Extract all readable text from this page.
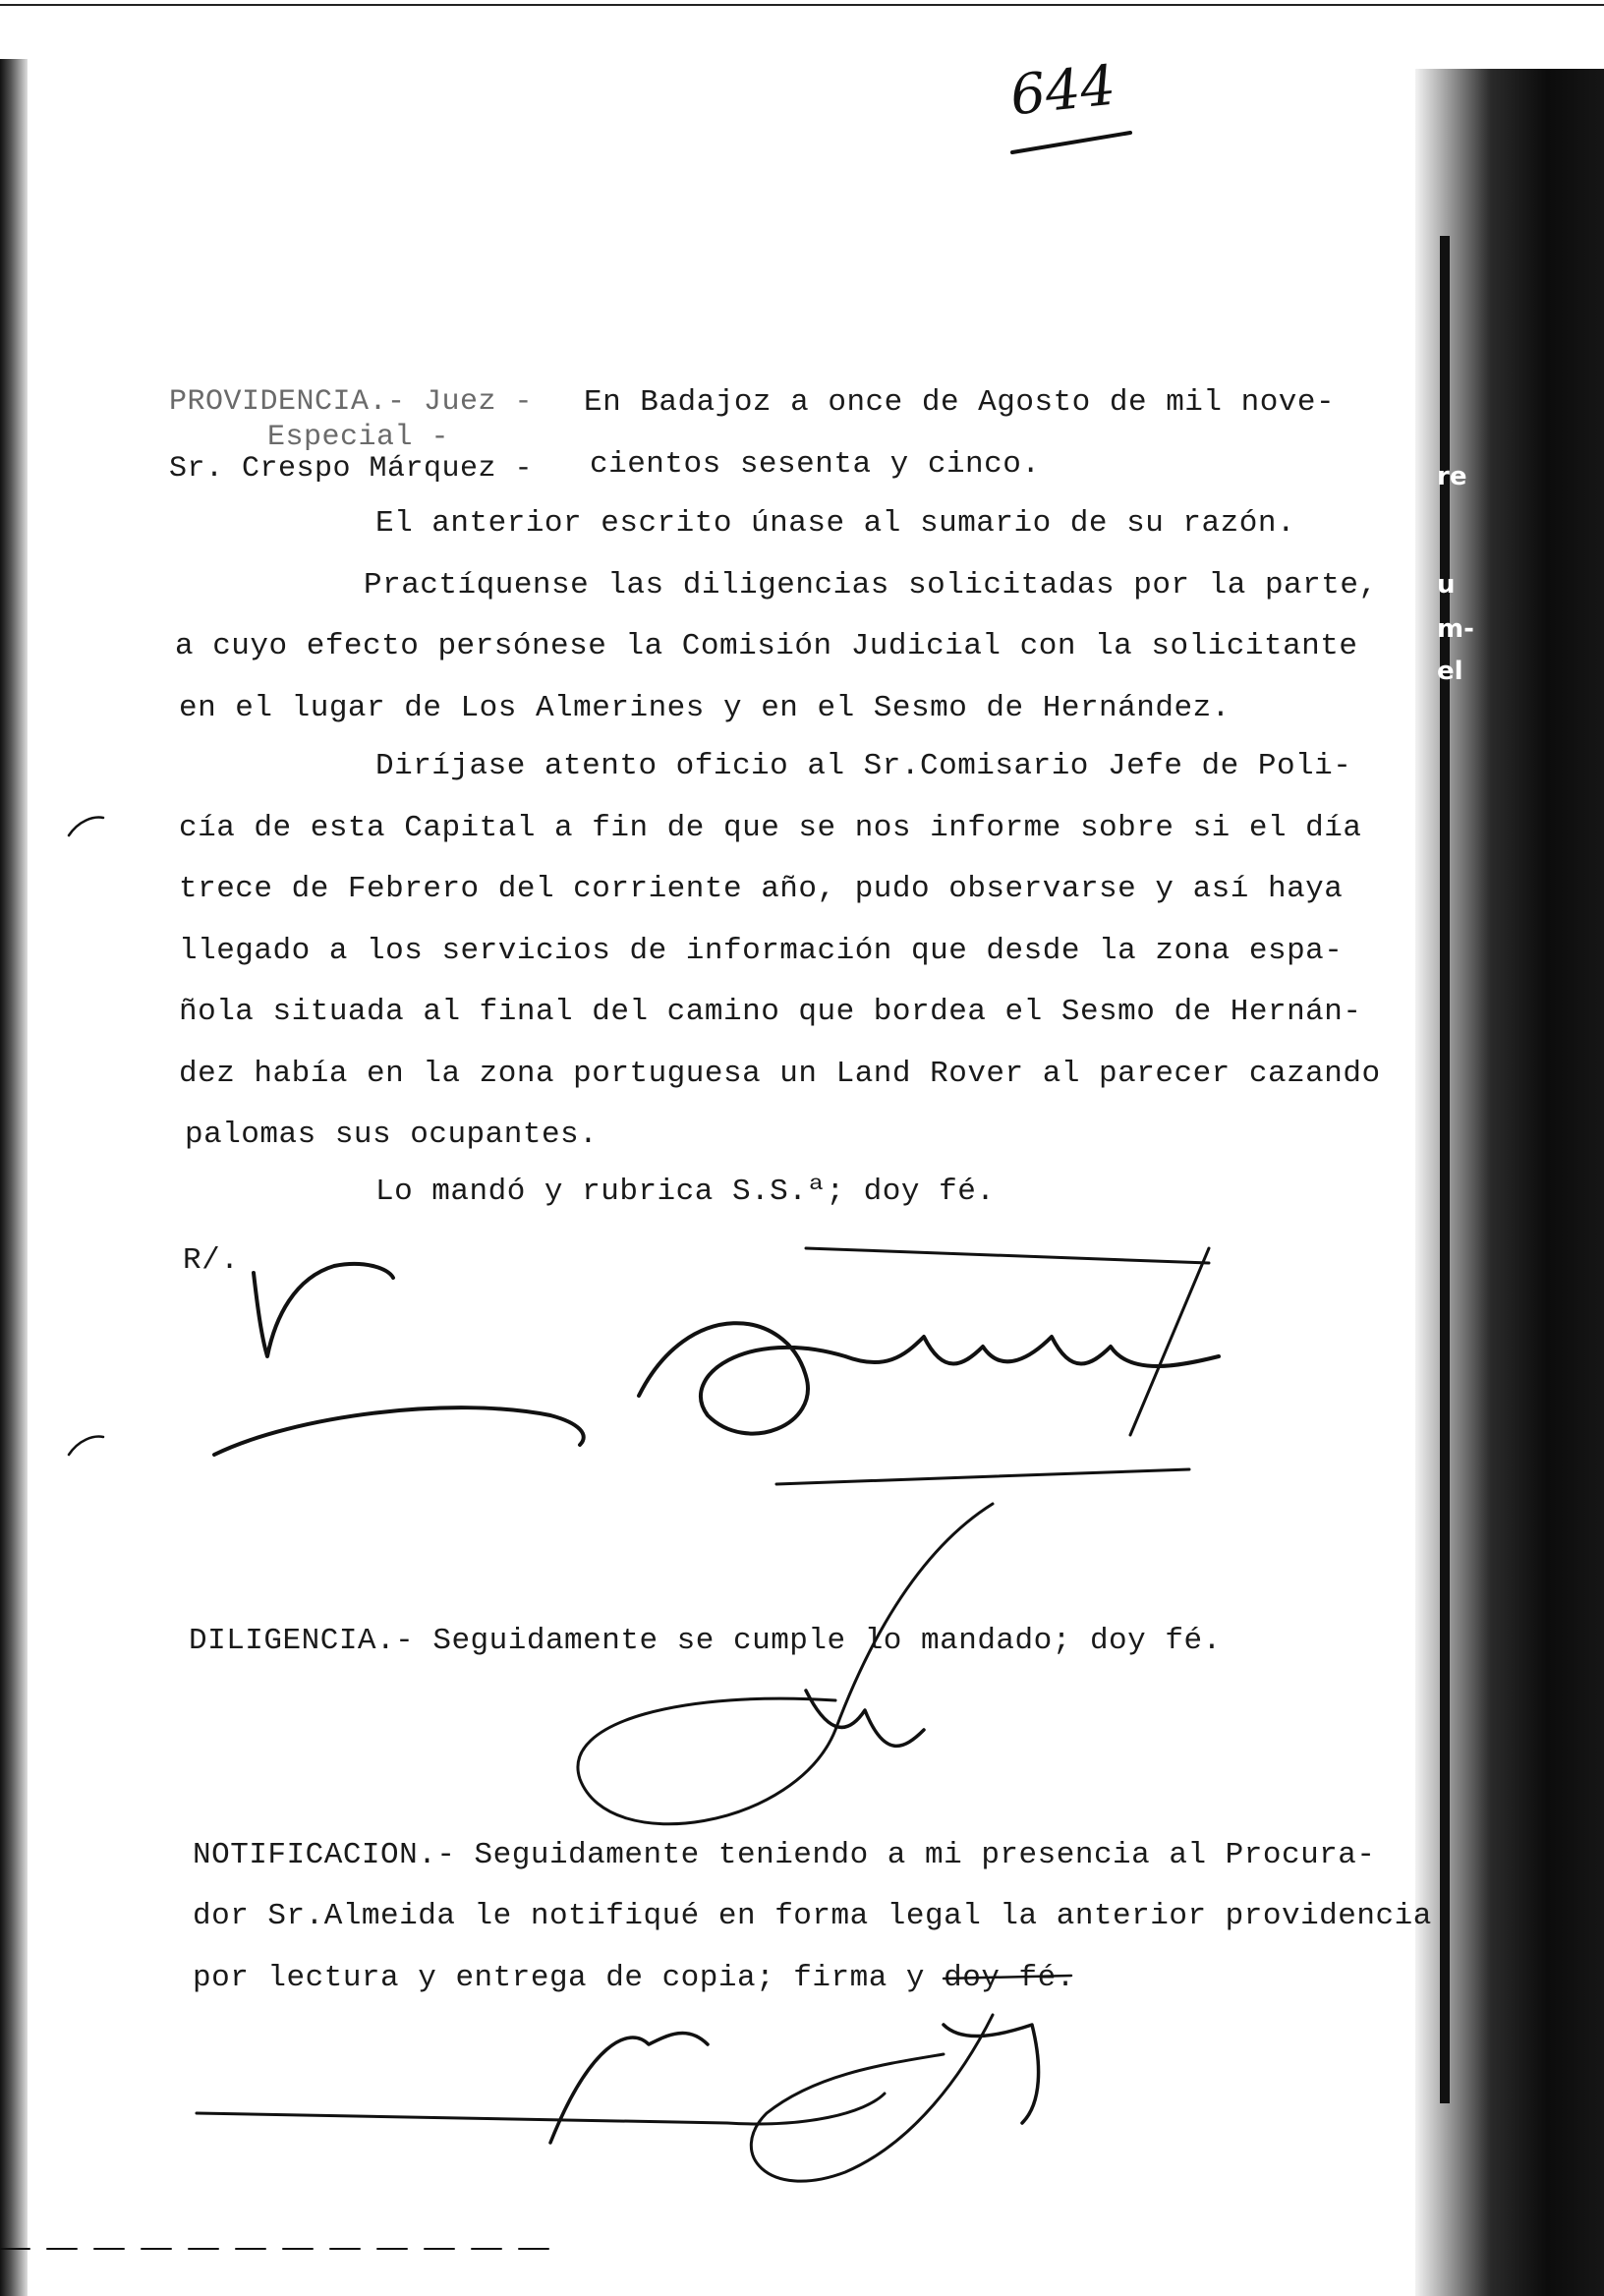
re
u
m-
el
644
PROVIDENCIA.- Juez -
Especial -
Sr. Crespo Márquez -
En Badajoz a once de Agosto de mil nove-
cientos sesenta y cinco.
El anterior escrito únase al sumario de su razón.
Practíquense las diligencias solicitadas por la parte,
a cuyo efecto persónese la Comisión Judicial con la solicitante
en el lugar de Los Almerines y en el Sesmo de Hernández.
Diríjase atento oficio al Sr.Comisario Jefe de Poli-
cía de esta Capital a fin de que se nos informe sobre si el día
trece de Febrero del corriente año, pudo observarse y así haya
llegado a los servicios de información que desde la zona espa-
ñola situada al final del camino que bordea el Sesmo de Hernán-
dez había en la zona portuguesa un Land Rover al parecer cazando
palomas sus ocupantes.
Lo mandó y rubrica S.S.ª; doy fé.
R/.
DILIGENCIA.- Seguidamente se cumple lo mandado; doy fé.
NOTIFICACION.- Seguidamente teniendo a mi presencia al Procura-
dor Sr.Almeida le notifiqué en forma legal la anterior providencia
por lectura y entrega de copia; firma y doy fé.
